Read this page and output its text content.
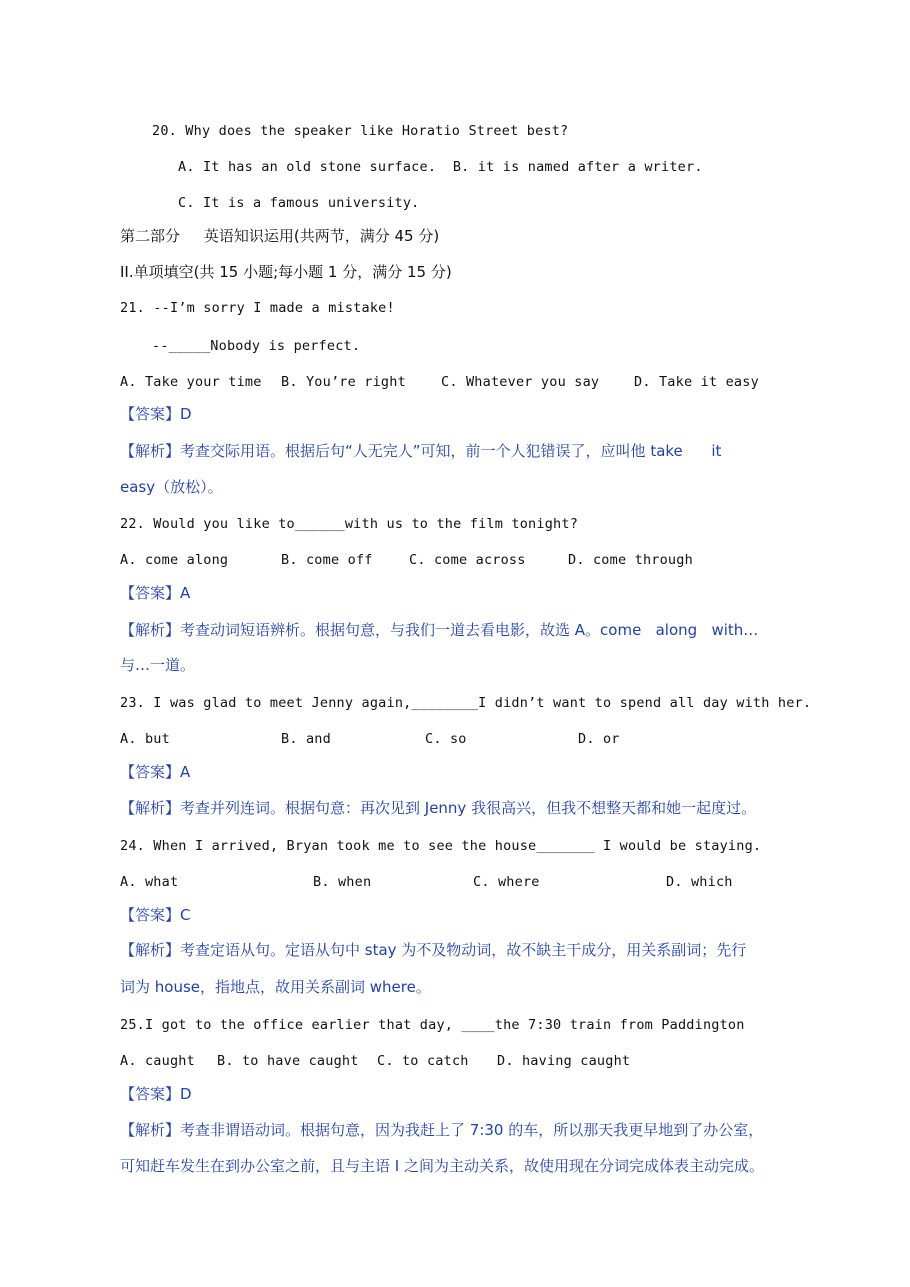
20. Why does the speaker like Horatio Street best?
A. It has an old stone surface.  B. it is named after a writer.
C. It is a famous university.
第二部分     英语知识运用(共两节，满分 45 分)
II.单项填空(共 15 小题;每小题 1 分，满分 15 分)
21. --I’m sorry I made a mistake!
--_____Nobody is perfect.
A. Take your time B. You’re right	C. Whatever you say	D. Take it easy
【答案】D
【解析】考查交际用语。根据后句“人无完人”可知，前一个人犯错误了，应叫他 take      it
easy（放松）。
22. Would you like to______with us to the film tonight?
A. come along	B. come off	C. come across	D. come through
【答案】A
【解析】考查动词短语辨析。根据句意，与我们一道去看电影，故选 A。come   along   with…
与…一道。
23. I was glad to meet Jenny again,________I didn’t want to spend all day with her.
A. but	B. and	C. so	D. or
【答案】A
【解析】考查并列连词。根据句意：再次见到 Jenny 我很高兴，但我不想整天都和她一起度过。
24. When I arrived, Bryan took me to see the house_______ I would be staying.
A. what	B. when	C. where	D. which
【答案】C
【解析】考查定语从句。定语从句中 stay 为不及物动词，故不缺主干成分，用关系副词；先行
词为 house，指地点，故用关系副词 where。
25.I got to the office earlier that day, ____the 7:30 train from Paddington
A. caught B. to have caught C. to catch D. having caught
【答案】D
【解析】考查非谓语动词。根据句意，因为我赶上了 7:30 的车，所以那天我更早地到了办公室，
可知赶车发生在到办公室之前，且与主语 I 之间为主动关系，故使用现在分词完成体表主动完成。
